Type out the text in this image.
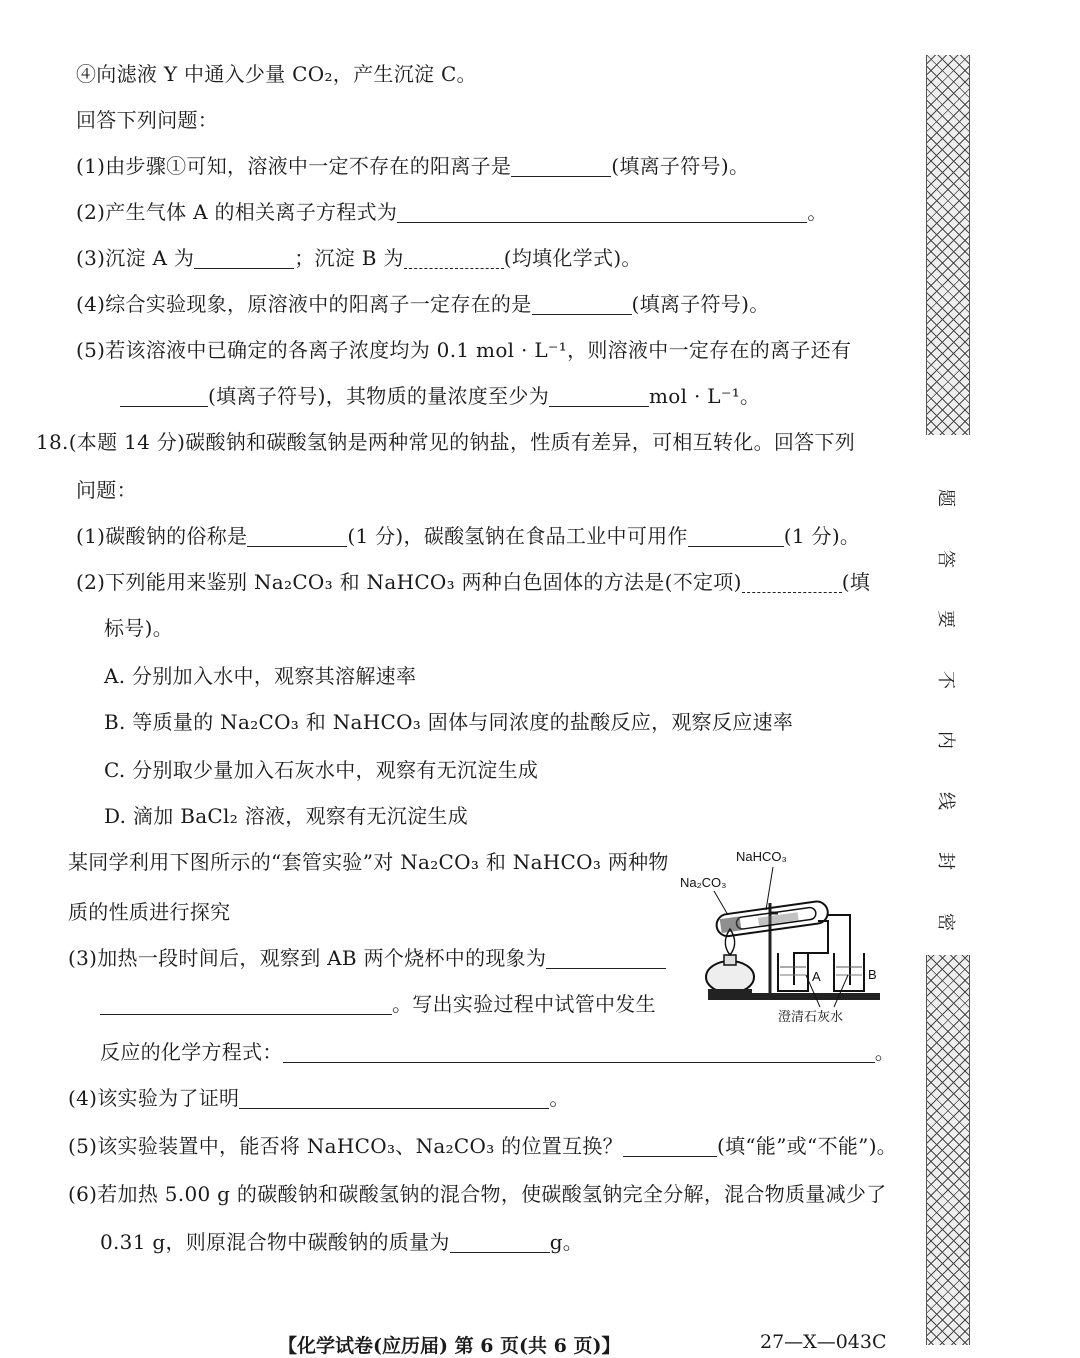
④向滤液 Y 中通入少量 CO₂，产生沉淀 C。
回答下列问题：
(1)由步骤①可知，溶液中一定不存在的阳离子是	(填离子符号)。
(2)产生气体 A 的相关离子方程式为	。
(3)沉淀 A 为	；沉淀 B 为	(均填化学式)。
(4)综合实验现象，原溶液中的阳离子一定存在的是	(填离子符号)。
(5)若该溶液中已确定的各离子浓度均为 0.1 mol · L⁻¹，则溶液中一定存在的离子还有
(填离子符号)，其物质的量浓度至少为	mol · L⁻¹。
18.(本题 14 分)碳酸钠和碳酸氢钠是两种常见的钠盐，性质有差异，可相互转化。回答下列
问题：
(1)碳酸钠的俗称是	(1 分)，碳酸氢钠在食品工业中可用作	(1 分)。
(2)下列能用来鉴别 Na₂CO₃ 和 NaHCO₃ 两种白色固体的方法是(不定项)	(填
标号)。
A. 分别加入水中，观察其溶解速率
B. 等质量的 Na₂CO₃ 和 NaHCO₃ 固体与同浓度的盐酸反应，观察反应速率
C. 分别取少量加入石灰水中，观察有无沉淀生成
D. 滴加 BaCl₂ 溶液，观察有无沉淀生成
某同学利用下图所示的“套管实验”对 Na₂CO₃ 和 NaHCO₃ 两种物
质的性质进行探究
(3)加热一段时间后，观察到 AB 两个烧杯中的现象为
。写出实验过程中试管中发生
反应的化学方程式：	。
(4)该实验为了证明	。
(5)该实验装置中，能否将 NaHCO₃、Na₂CO₃ 的位置互换？	(填“能”或“不能”)。
(6)若加热 5.00 g 的碳酸钠和碳酸氢钠的混合物，使碳酸氢钠完全分解，混合物质量减少了
0.31 g，则原混合物中碳酸钠的质量为	g。
NaHCO₃
Na₂CO₃
A	B
澄清石灰水
题
答
要
不
内
线
封
密
【化学试卷(应历届) 第 6 页(共 6 页)】	27—X—043C
